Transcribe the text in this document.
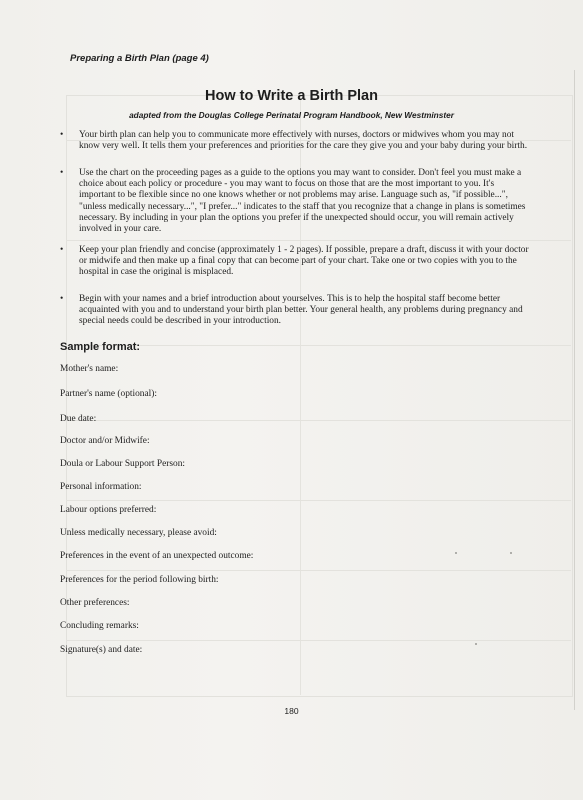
Preparing a Birth Plan (page 4)
How to Write a Birth Plan
adapted from the Douglas College Perinatal Program Handbook, New Westminster
• Your birth plan can help you to communicate more effectively with nurses, doctors or midwives whom you may not
know very well. It tells them your preferences and priorities for the care they give you and your baby during your birth.
• Use the chart on the proceeding pages as a guide to the options you may want to consider. Don't feel you must make a
choice about each policy or procedure - you may want to focus on those that are the most important to you. It's
important to be flexible since no one knows whether or not problems may arise. Language such as, "if possible...",
"unless medically necessary...", "I prefer..." indicates to the staff that you recognize that a change in plans is sometimes
necessary. By including in your plan the options you prefer if the unexpected should occur, you will remain actively
involved in your care.
• Keep your plan friendly and concise (approximately 1 - 2 pages). If possible, prepare a draft, discuss it with your doctor
or midwife and then make up a final copy that can become part of your chart. Take one or two copies with you to the
hospital in case the original is misplaced.
• Begin with your names and a brief introduction about yourselves. This is to help the hospital staff become better
acquainted with you and to understand your birth plan better. Your general health, any problems during pregnancy and
special needs could be described in your introduction.
Sample format:
Mother's name:
Partner's name (optional):
Due date:
Doctor and/or Midwife:
Doula or Labour Support Person:
Personal information:
Labour options preferred:
Unless medically necessary, please avoid:
Preferences in the event of an unexpected outcome:
Preferences for the period following birth:
Other preferences:
Concluding remarks:
Signature(s) and date:
180
